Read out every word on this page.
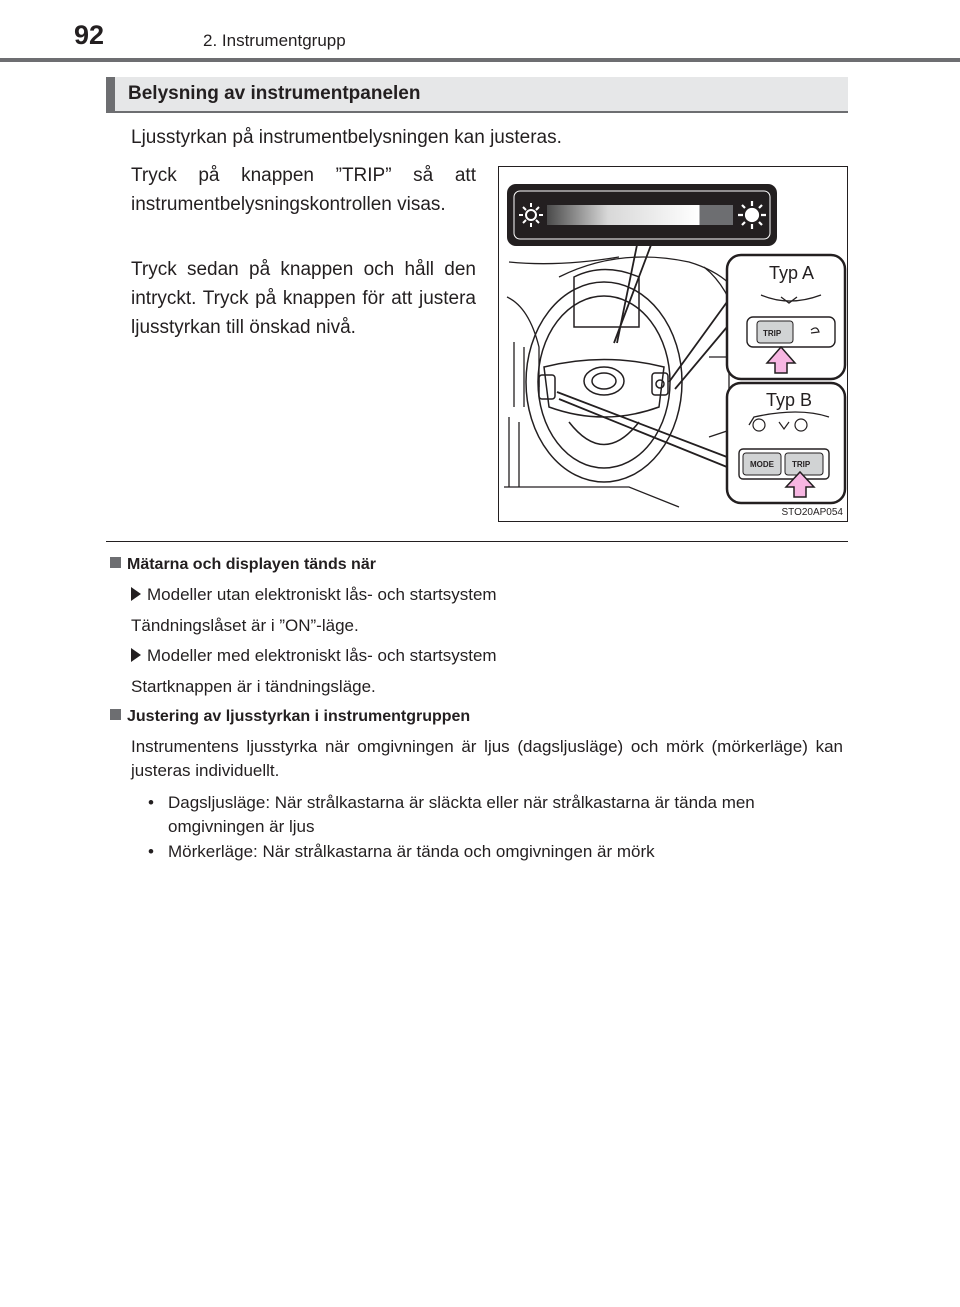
92	2. Instrumentgrupp
Belysning av instrumentpanelen
Ljusstyrkan på instrumentbelysningen kan justeras.
Tryck på knappen ”TRIP” så att instrumentbelysningskontrollen visas.
Tryck sedan på knappen och håll den intryckt. Tryck på knappen för att justera ljusstyrkan till önskad nivå.	TRIP
MODE TRIP
Typ A
Typ B
STO20AP054
Mätarna och displayen tänds när
Modeller utan elektroniskt lås- och startsystem
Tändningslåset är i ”ON”-läge.
Modeller med elektroniskt lås- och startsystem
Startknappen är i tändningsläge.
Justering av ljusstyrkan i instrumentgruppen
Instrumentens ljusstyrka när omgivningen är ljus (dagsljusläge) och mörk (mörkerläge) kan justeras individuellt.
• Dagsljusläge: När strålkastarna är släckta eller när strålkastarna är tända men omgivningen är ljus
• Mörkerläge: När strålkastarna är tända och omgivningen är mörk
